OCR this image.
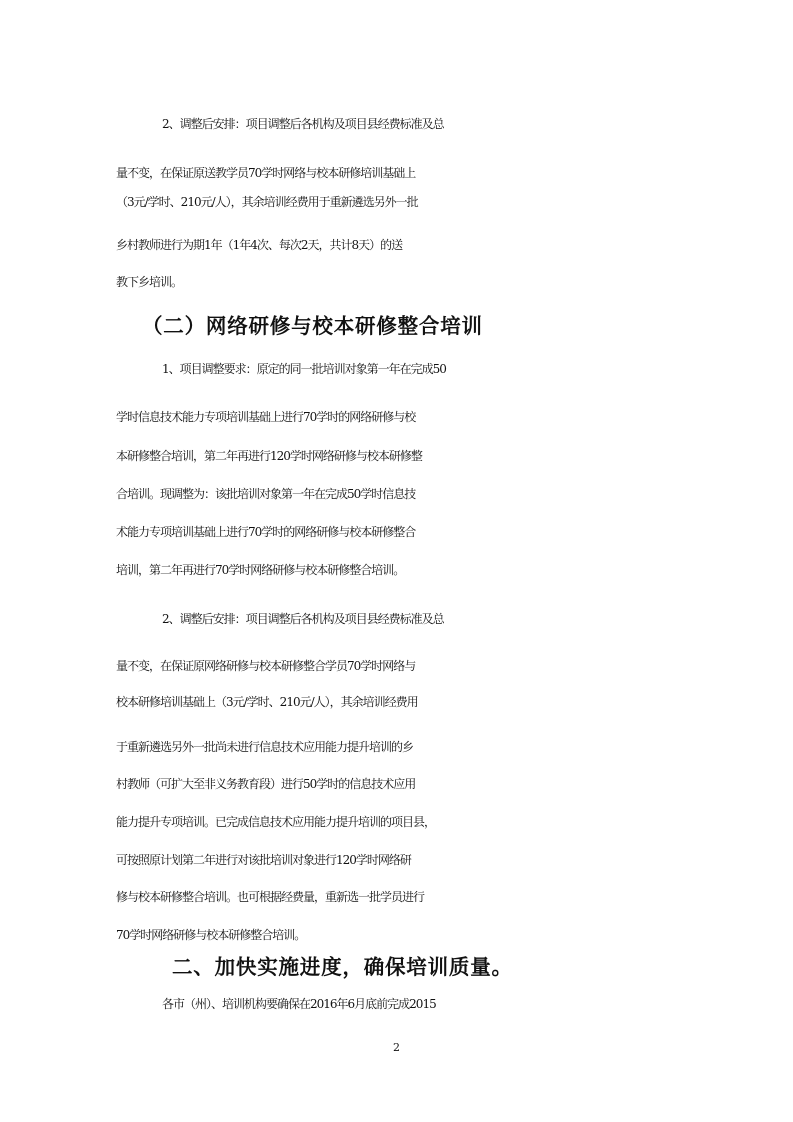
2、调整后安排：项目调整后各机构及项目县经费标准及总
量不变，在保证原送教学员70学时网络与校本研修培训基础上
（3元/学时、210元/人），其余培训经费用于重新遴选另外一批
乡村教师进行为期1年（1年4次、每次2天，共计8天）的送
教下乡培训。
（二）网络研修与校本研修整合培训
1、项目调整要求：原定的同一批培训对象第一年在完成50
学时信息技术能力专项培训基础上进行70学时的网络研修与校
本研修整合培训，第二年再进行120学时网络研修与校本研修整
合培训。现调整为：该批培训对象第一年在完成50学时信息技
术能力专项培训基础上进行70学时的网络研修与校本研修整合
培训，第二年再进行70学时网络研修与校本研修整合培训。
2、调整后安排：项目调整后各机构及项目县经费标准及总
量不变，在保证原网络研修与校本研修整合学员70学时网络与
校本研修培训基础上（3元/学时、210元/人），其余培训经费用
于重新遴选另外一批尚未进行信息技术应用能力提升培训的乡
村教师（可扩大至非义务教育段）进行50学时的信息技术应用
能力提升专项培训。已完成信息技术应用能力提升培训的项目县，
可按照原计划第二年进行对该批培训对象进行120学时网络研
修与校本研修整合培训。也可根据经费量，重新选一批学员进行
70学时网络研修与校本研修整合培训。
二、加快实施进度，确保培训质量。
各市（州）、培训机构要确保在2016年6月底前完成2015
2
